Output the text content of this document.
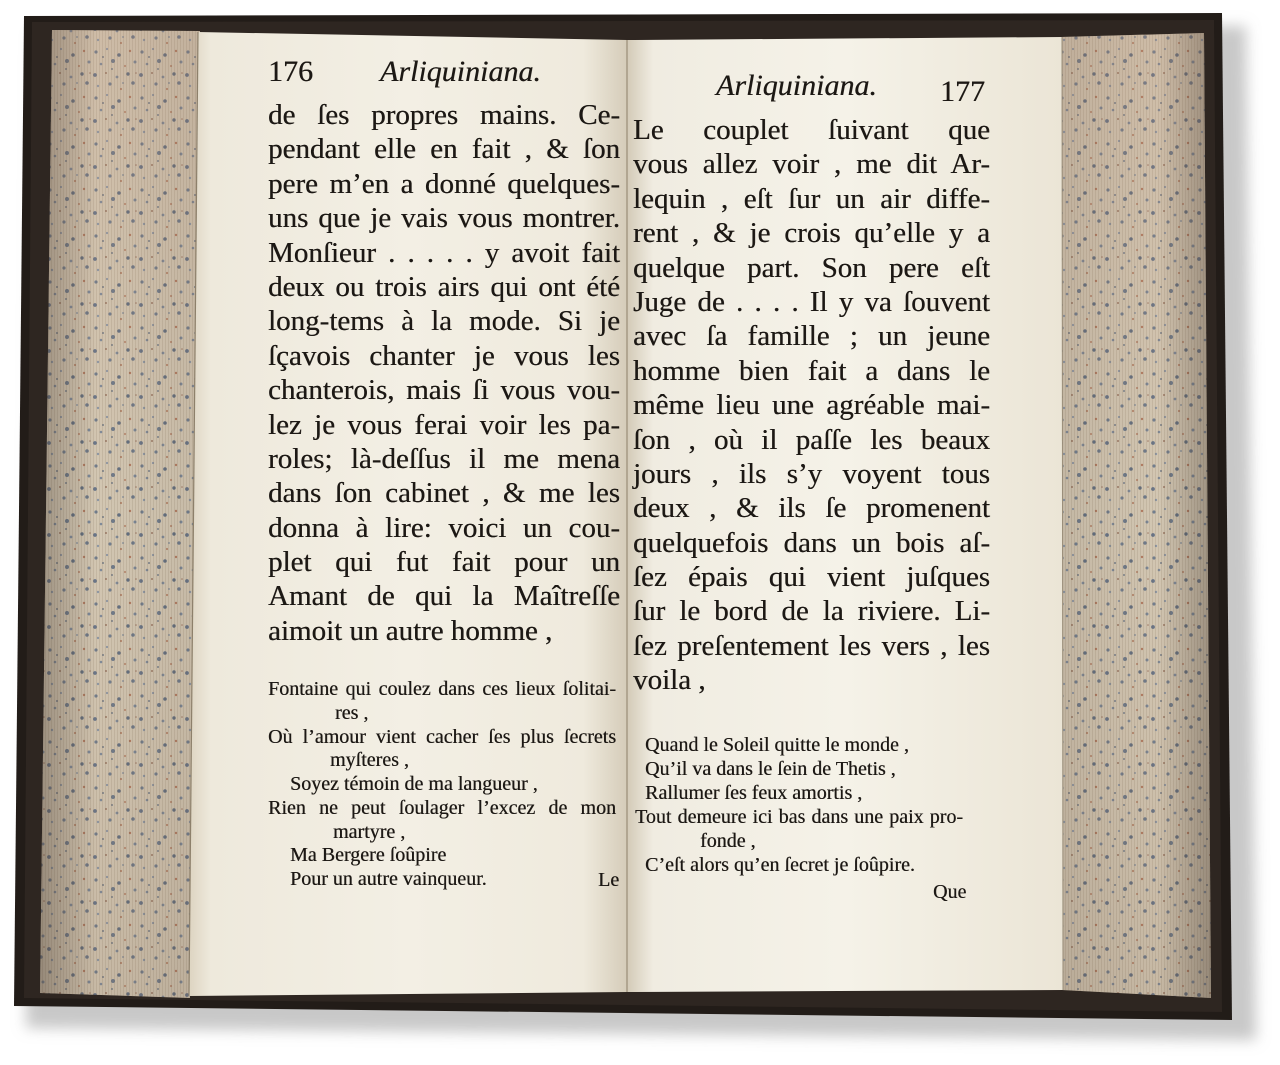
176 Arliquiniana.
de ſes propres mains. Ce-
pendant elle en fait , & ſon
pere m’en a donné quelques-
uns que je vais vous montrer.
Monſieur . . . . . y avoit fait
deux ou trois airs qui ont été
long-tems à la mode. Si je
ſçavois chanter je vous les
chanterois, mais ſi vous vou-
lez je vous ferai voir les pa-
roles; là-deſſus il me mena
dans ſon cabinet , & me les
donna à lire: voici un cou-
plet qui fut fait pour un
Amant de qui la Maîtreſſe
aimoit un autre homme ,
Fontaine qui coulez dans ces lieux ſolitai-
res ,
Où l’amour vient cacher ſes plus ſecrets
myſteres ,
Soyez témoin de ma langueur ,
Rien ne peut ſoulager l’excez de mon
martyre ,
Ma Bergere ſoûpire
Pour un autre vainqueur.	Le
Arliquiniana. 177
Le couplet ſuivant que
vous allez voir , me dit Ar-
lequin , eſt ſur un air diffe-
rent , & je crois qu’elle y a
quelque part. Son pere eſt
Juge de . . . . Il y va ſouvent
avec ſa famille ; un jeune
homme bien fait a dans le
même lieu une agréable mai-
ſon , où il paſſe les beaux
jours , ils s’y voyent tous
deux , & ils ſe promenent
quelquefois dans un bois aſ-
ſez épais qui vient juſques
ſur le bord de la riviere. Li-
ſez preſentement les vers , les
voila ,
Quand le Soleil quitte le monde ,
Qu’il va dans le ſein de Thetis ,
Rallumer ſes feux amortis ,
Tout demeure ici bas dans une paix pro-
fonde ,
C’eſt alors qu’en ſecret je ſoûpire.
Que
